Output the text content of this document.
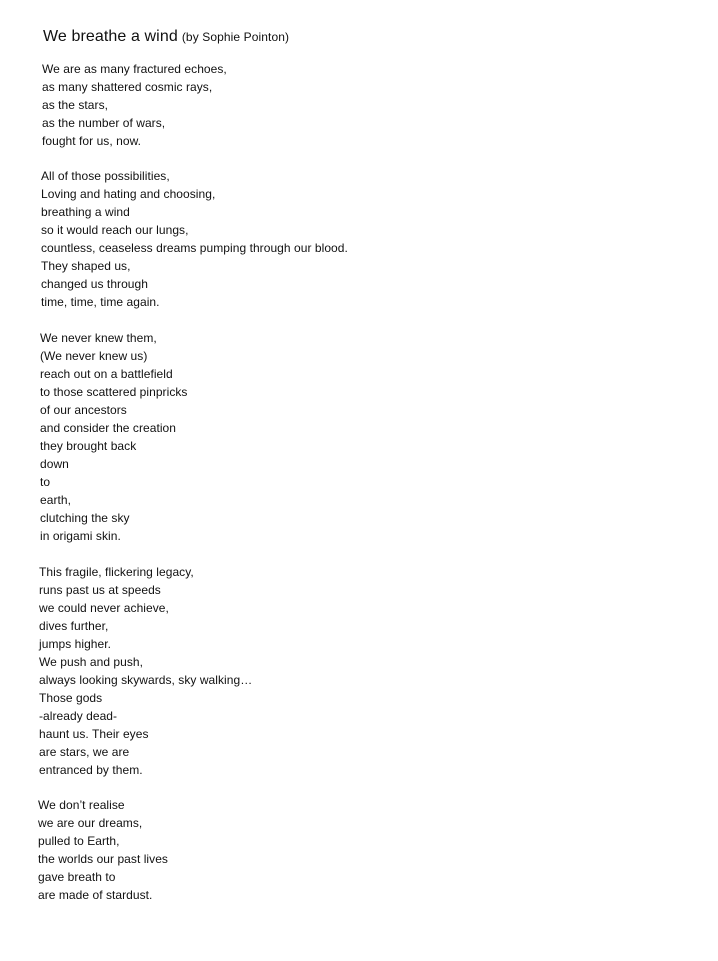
We breathe a wind (by Sophie Pointon)
We are as many fractured echoes,
as many shattered cosmic rays,
as the stars,
as the number of wars,
fought for us, now.
All of those possibilities,
Loving and hating and choosing,
breathing a wind
so it would reach our lungs,
countless, ceaseless dreams pumping through our blood.
They shaped us,
changed us through
time, time, time again.
We never knew them,
(We never knew us)
reach out on a battlefield
to those scattered pinpricks
of our ancestors
and consider the creation
they brought back
down
to
earth,
clutching the sky
in origami skin.
This fragile, flickering legacy,
runs past us at speeds
we could never achieve,
dives further,
jumps higher.
We push and push,
always looking skywards, sky walking…
Those gods
-already dead-
haunt us. Their eyes
are stars, we are
entranced by them.
We don’t realise
we are our dreams,
pulled to Earth,
the worlds our past lives
gave breath to
are made of stardust.
